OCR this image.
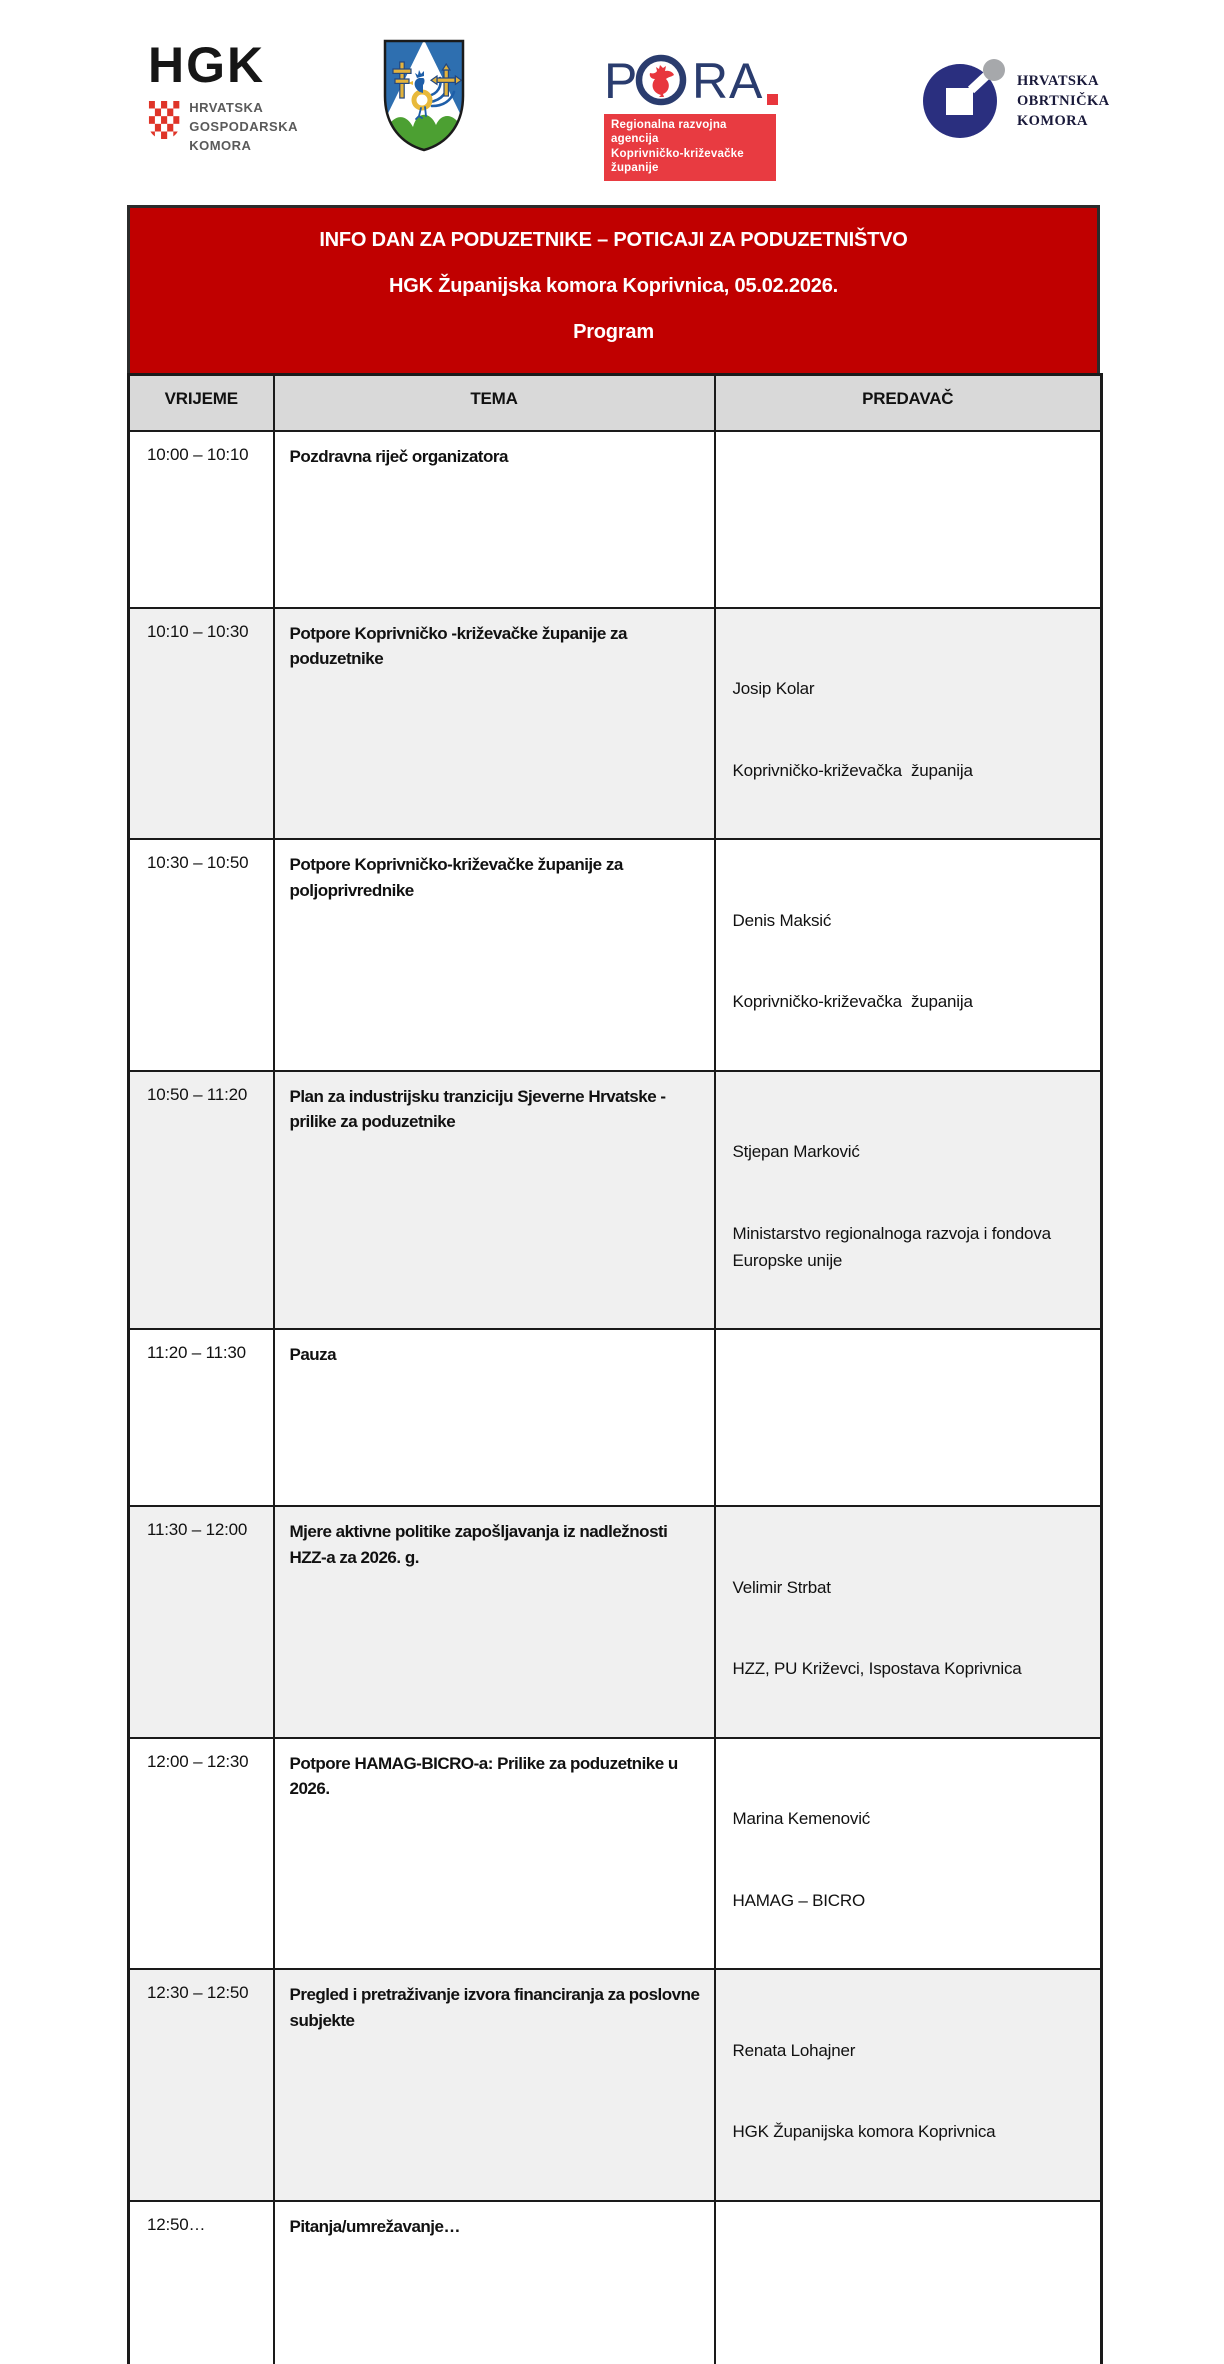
HGK
HRVATSKA
GOSPODARSKA
KOMORA
P R A
Regionalna razvojna agencija
Koprivničko-križevačke županije
HRVATSKA
OBRTNIČKA
KOMORA
INFO DAN ZA PODUZETNIKE – POTICAJI ZA PODUZETNIŠTVO
HGK Županijska komora Koprivnica, 05.02.2026.
Program
VRIJEME	TEMA	PREDAVAČ
10:00 – 10:10	Pozdravna riječ organizatora	

10:10 – 10:30	Potpore Koprivničko -križevačke županije za poduzetnike	Josip Kolar

Koprivničko-križevačka  županija

10:30 – 10:50	Potpore Koprivničko-križevačke županije za poljoprivrednike	Denis Maksić

Koprivničko-križevačka  županija

10:50 – 11:20	Plan za industrijsku tranziciju Sjeverne Hrvatske - prilike za poduzetnike	Stjepan Marković

Ministarstvo regionalnoga razvoja i fondova Europske unije

11:20 – 11:30	Pauza	

11:30 – 12:00	Mjere aktivne politike zapošljavanja iz nadležnosti HZZ-a za 2026. g.	Velimir Strbat

HZZ, PU Križevci, Ispostava Koprivnica

12:00 – 12:30	Potpore HAMAG-BICRO-a: Prilike za poduzetnike u 2026.	Marina Kemenović

HAMAG – BICRO

12:30 – 12:50	Pregled i pretraživanje izvora financiranja za poslovne subjekte	Renata Lohajner

HGK Županijska komora Koprivnica

12:50…	Pitanja/umrežavanje…	
